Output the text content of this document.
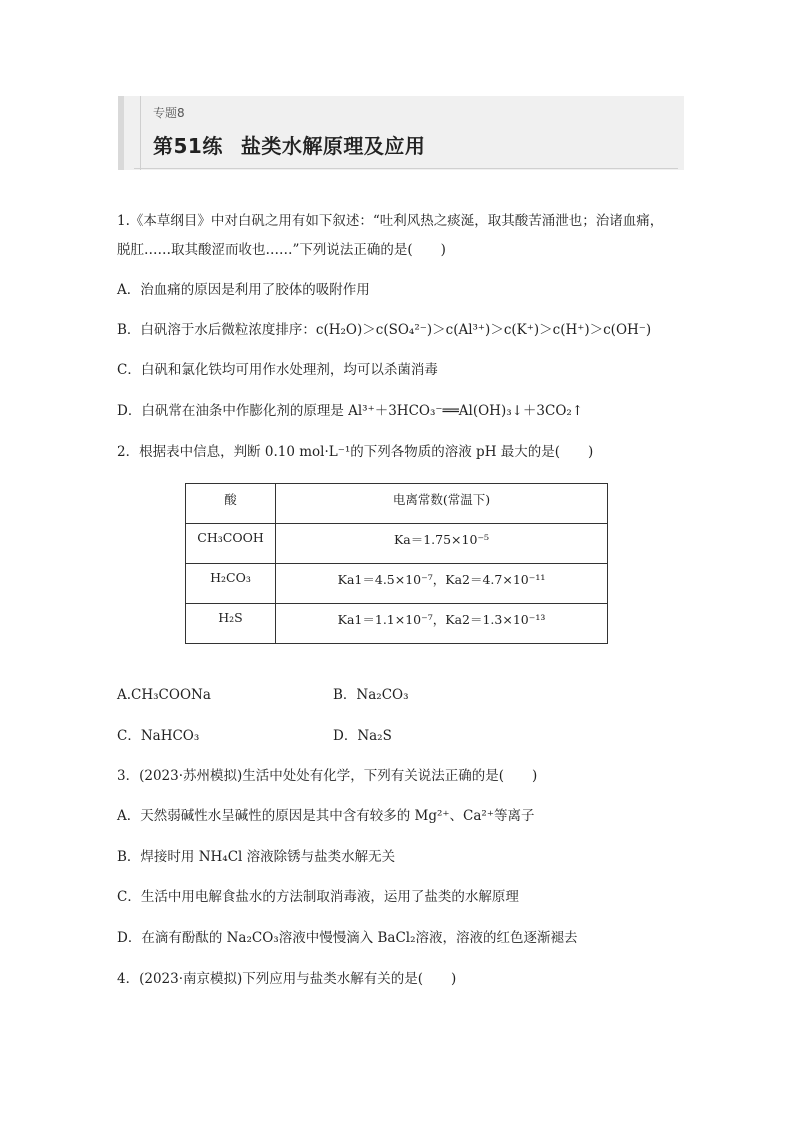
专题8
第51练 盐类水解原理及应用
1.《本草纲目》中对白矾之用有如下叙述：“吐利风热之痰涎，取其酸苦涌泄也；治诸血痛，
脱肛……取其酸涩而收也……”下列说法正确的是( )
A．治血痛的原因是利用了胶体的吸附作用
B．白矾溶于水后微粒浓度排序：c(H₂O)＞c(SO₄²⁻)＞c(Al³⁺)＞c(K⁺)＞c(H⁺)＞c(OH⁻)
C．白矾和氯化铁均可用作水处理剂，均可以杀菌消毒
D．白矾常在油条中作膨化剂的原理是 Al³⁺＋3HCO₃⁻══Al(OH)₃↓＋3CO₂↑
2．根据表中信息，判断 0.10 mol·L⁻¹的下列各物质的溶液 pH 最大的是( )
酸	电离常数(常温下)
CH₃COOH	Ka＝1.75×10⁻⁵
H₂CO₃	Ka1＝4.5×10⁻⁷，Ka2＝4.7×10⁻¹¹
H₂S	Ka1＝1.1×10⁻⁷，Ka2＝1.3×10⁻¹³
A.CH₃COONa	B．Na₂CO₃
C．NaHCO₃	D．Na₂S
3．(2023·苏州模拟)生活中处处有化学，下列有关说法正确的是( )
A．天然弱碱性水呈碱性的原因是其中含有较多的 Mg²⁺、Ca²⁺等离子
B．焊接时用 NH₄Cl 溶液除锈与盐类水解无关
C．生活中用电解食盐水的方法制取消毒液，运用了盐类的水解原理
D．在滴有酚酞的 Na₂CO₃溶液中慢慢滴入 BaCl₂溶液，溶液的红色逐渐褪去
4．(2023·南京模拟)下列应用与盐类水解有关的是( )
